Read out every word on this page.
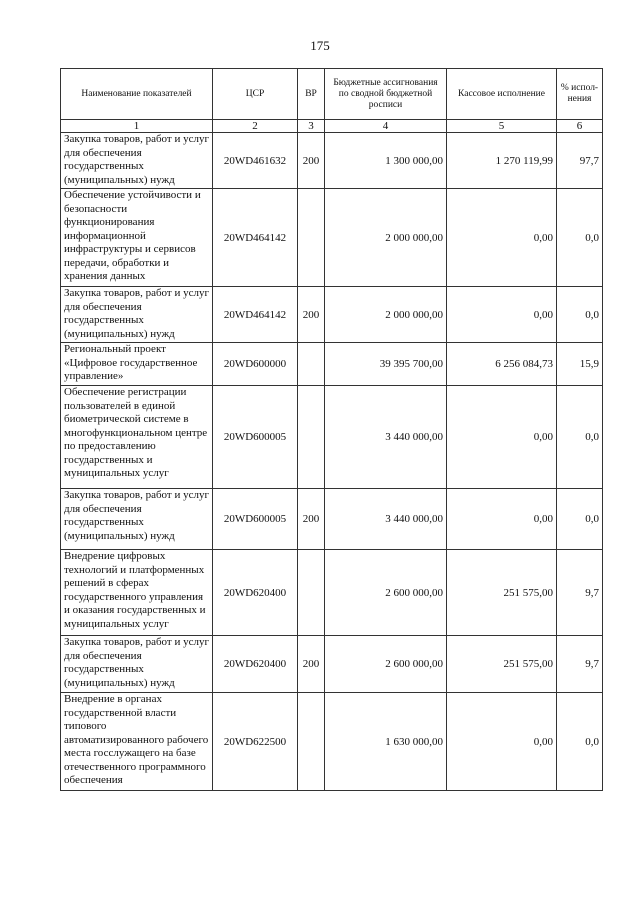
175
Наименование показателей	ЦСР	ВР	Бюджетные ассигнования по сводной бюджетной росписи	Кассовое исполнение	% испол-нения
1	2	3	4	5	6
Закупка товаров, работ и услуг для обеспечения государственных (муниципальных) нужд	20WD461632	200	1 300 000,00	1 270 119,99	97,7
Обеспечение устойчивости и безопасности функционирования информационной инфраструктуры и сервисов передачи, обработки и хранения данных	20WD464142		2 000 000,00	0,00	0,0
Закупка товаров, работ и услуг для обеспечения государственных (муниципальных) нужд	20WD464142	200	2 000 000,00	0,00	0,0
Региональный проект «Цифровое государственное управление»	20WD600000		39 395 700,00	6 256 084,73	15,9
Обеспечение регистрации пользователей в единой биометрической системе в многофункциональном центре по предоставлению государственных и муниципальных услуг	20WD600005		3 440 000,00	0,00	0,0
Закупка товаров, работ и услуг для обеспечения государственных (муниципальных) нужд	20WD600005	200	3 440 000,00	0,00	0,0
Внедрение цифровых технологий и платформенных решений в сферах государственного управления и оказания государственных и муниципальных услуг	20WD620400		2 600 000,00	251 575,00	9,7
Закупка товаров, работ и услуг для обеспечения государственных (муниципальных) нужд	20WD620400	200	2 600 000,00	251 575,00	9,7
Внедрение в органах государственной власти типового автоматизированного рабочего места госслужащего на базе отечественного программного обеспечения	20WD622500		1 630 000,00	0,00	0,0
